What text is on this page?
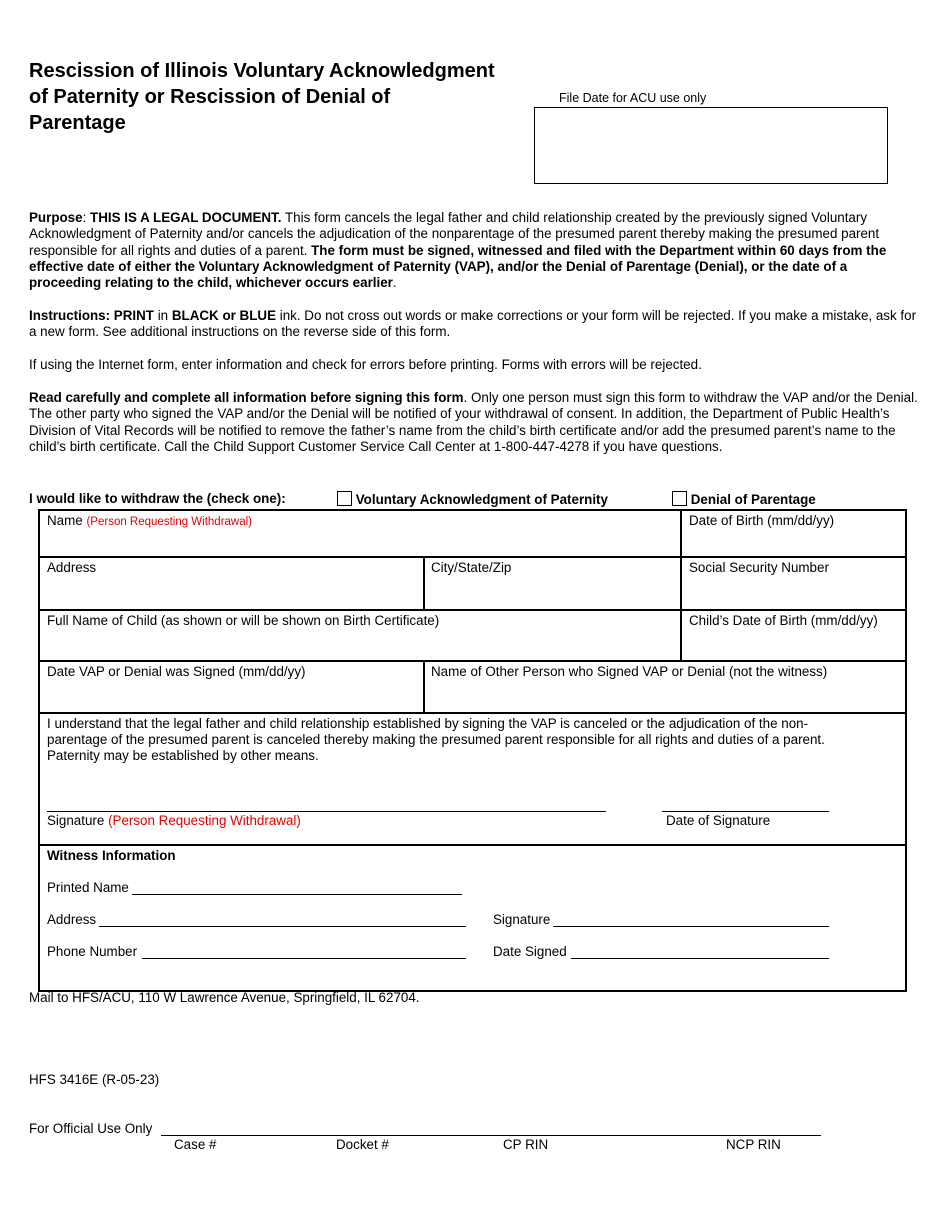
Rescission of Illinois Voluntary Acknowledgment
of Paternity or Rescission of Denial of
Parentage
File Date for ACU use only
Purpose: THIS IS A LEGAL DOCUMENT. This form cancels the legal father and child relationship created by the previously signed Voluntary Acknowledgment of Paternity and/or cancels the adjudication of the nonparentage of the presumed parent thereby making the presumed parent responsible for all rights and duties of a parent. The form must be signed, witnessed and filed with the Department within 60 days from the effective date of either the Voluntary Acknowledgment of Paternity (VAP), and/or the Denial of Parentage (Denial), or the date of a proceeding relating to the child, whichever occurs earlier.
Instructions: PRINT in BLACK or BLUE ink. Do not cross out words or make corrections or your form will be rejected. If you make a mistake, ask for a new form. See additional instructions on the reverse side of this form.
If using the Internet form, enter information and check for errors before printing. Forms with errors will be rejected.
Read carefully and complete all information before signing this form. Only one person must sign this form to withdraw the VAP and/or the Denial. The other party who signed the VAP and/or the Denial will be notified of your withdrawal of consent. In addition, the Department of Public Health’s Division of Vital Records will be notified to remove the father’s name from the child’s birth certificate and/or add the presumed parent’s name to the child’s birth certificate. Call the Child Support Customer Service Call Center at 1-800-447-4278 if you have questions.
I would like to withdraw the (check one):	Voluntary Acknowledgment of Paternity	Denial of Parentage
Name (Person Requesting Withdrawal)	Date of Birth (mm/dd/yy)
Address	City/State/Zip	Social Security Number
Full Name of Child (as shown or will be shown on Birth Certificate)	Child’s Date of Birth (mm/dd/yy)
Date VAP or Denial was Signed (mm/dd/yy)	Name of Other Person who Signed VAP or Denial (not the witness)
I understand that the legal father and child relationship established by signing the VAP is canceled or the adjudication of the non-parentage of the presumed parent is canceled thereby making the presumed parent responsible for all rights and duties of a parent. Paternity may be established by other means.
Signature (Person Requesting Withdrawal)	Date of Signature
Witness Information
Printed Name
Address	Signature
Phone Number	Date Signed
Mail to HFS/ACU, 110 W Lawrence Avenue, Springfield, IL 62704.
HFS 3416E (R-05-23)
For Official Use Only
Case #	Docket #	CP RIN	NCP RIN
